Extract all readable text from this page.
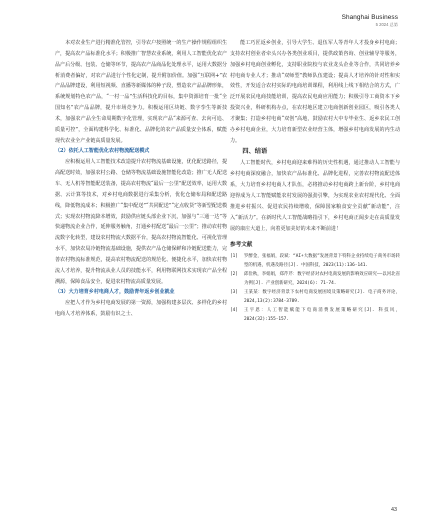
Shanghai Business
5 2024 总第

本对农业生产进行精准化管控，引导农户按照统一的生产操作规程组织生产，提高农产品标准化水平；积极推广智慧农业系统，利用人工智能优化农产品产后分级、包装、仓储等环节，提高农产品商品化处理水平，运用大数据分析消费者偏好，对农产品进行个性化定制，提升附加价值。加强“互联网+”农产品品牌建设，利用短视频、直播等新媒体的种子段，塑造农产品品牌形象，系统规划特色农产品，“一村一品”生活科技化的目标，集中资源培育一批“全国知名”农产品品牌，提升市场竞争力。积极运用区块链、数字孪生等新技术，加强农产品全生命周期数字化管理，实现农产品“来源可查、去向可追、质量可控”，全面构建科学化、标准化、品牌化的农产品质量安全体系，赋能现代农业全产业链高质量发展。

（2）依托人工智能优化农村物流配送模式

应积极运用人工智能技术改造提升农村物流基础设施，优化配送路径，提高配送时效，加强农村公路、仓储等物流基础设施智能化改造；推广无人配送车、无人机等智能配送装备，提高农村物流“最后一公里”配送效率，运用大数据、云计算等技术，对乡村电商数据进行采集分析，优化仓储布局和配送路线，降低物流成本；积极推广“集中配送”“共同配送”“定点收货”等新型配送模式；实现农村物流降本增效，鼓励供应链头部企业下沉，加强与“三通一达”等快递物流企业合作，延伸服务触角，打通乡村配送“最后一公里”；推动农村物流数字化转型，建设农村物流大数据平台，提高农村物流智能化、可视化管理水平，加快农局冷链物流基础设施，提供农产品仓储保鲜和冷链配送能力，完善农村物流标准规范，提高农村物流配送的规范化、便捷化水平，加快农村物流人才培养，提升物流从业人员的技能水平，利用物联网技术实现农产品全程溯源，保障食品安全，促进农村物流高质量发展。

（3）大力培育乡村电商人才，鼓励青年返乡创业就业

应把人才作为乡村电商发展的第一资源，加强构建多层次、多样化的乡村电商人才培养体系，鼓励有识之士、

能工巧匠返乡创业，引导大学生、退伍军人等青年人才投身乡村电商；支持农村创业者牵头兴办各类创业项目，提供政策咨询、创业辅导等服务，加强乡村电商创业孵化，支持职业院校与农业龙头企业等合作，共同培养乡村电商专业人才；推动“双师型”教师队伍建设；提高人才培养的针对性和实效性，开发适合农村实际的电商培训课程，利用线上线下相结合的方式，广泛开展农民电商技能培训，提高农民电商应用能力；积极引导工商资本下乡投资兴业，科研机构办点，在农村地区建立电商创新创业园区，吸引各类人才聚集；打造乡村电商“双创”高地，鼓励农村大中专毕业生、返乡农民工创办乡村电商企业，大力培育新型农业经营主体，增强乡村电商发展的内生动力。

四、结语

人工智能时代，乡村电商迎来难得的历史性机遇，通过推动人工智能与乡村电商深度融合，加快农产品标准化、品牌化进程，完善农村物流配送体系，大力培育乡村电商人才队伍，必将推动乡村电商跨上新台阶，乡村电商迎得成为人工智能赋能农村发展的强劲引擎，为实现农业农村现代化、全面推进乡村振兴、促进农民持续增收，保障国家粮食安全贡献“新动能”，注入“新活力”。在新时代人工智能战略指引下，乡村电商正阔步走在高质量发展的康庄大道上，向着更加美好的未来不断前进！

参考文献
[1]	罗醉金，张福娟，段斌：“AI+大数据”发展背景下特科企业持续电子商务市场转型的机遇，机遇及路径[J]. 中国科技，2023(11):136-141.
[2]	邱俭秋，李娟娟，郑芹芹：数字经济对农村电商发展的影响效应研究——以河北省为例[J]. 产业创新研究，2024(6): 71-74.
[3]	王某某：数字经济背景下农村电商发展困境及策略研究[J]. 电子商务评论，2024,13(2):3784-3789.
[4]	王宇恩：人工智能赋能下电商消费发展策略研究[J]. 科技风，2024(32):155-157.
43
